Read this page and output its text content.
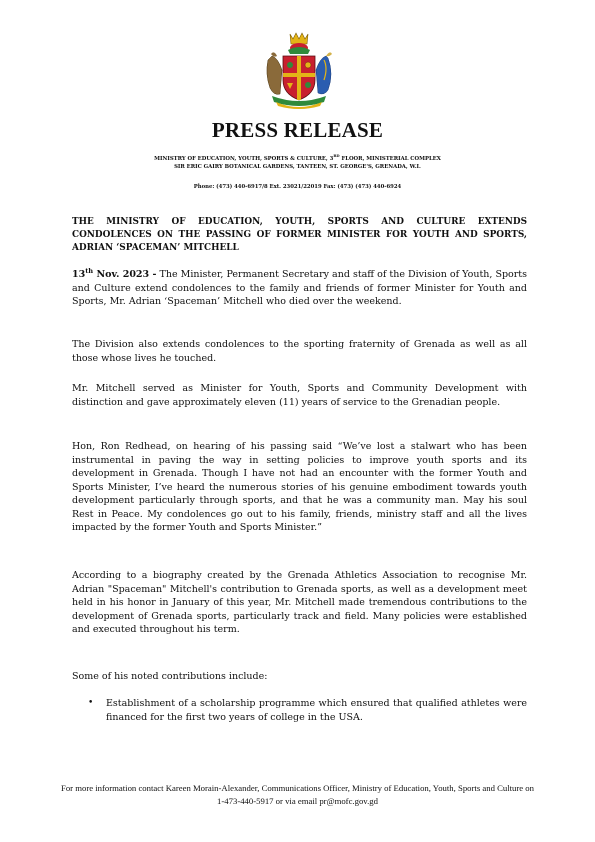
PRESS RELEASE
MINISTRY OF EDUCATION, YOUTH, SPORTS & CULTURE, 3RD FLOOR, MINISTERIAL COMPLEX
SIR ERIC GAIRY BOTANICAL GARDENS, TANTEEN, ST. GEORGE'S, GRENADA, W.I.
Phone: (473) 440-6917/8 Ext. 23021/22019 Fax: (473) (473) 440-6924
THE MINISTRY OF EDUCATION, YOUTH, SPORTS AND CULTURE EXTENDS CONDOLENCES ON THE PASSING OF FORMER MINISTER FOR YOUTH AND SPORTS, ADRIAN ‘SPACEMAN’ MITCHELL

13th Nov. 2023 - The Minister, Permanent Secretary and staff of the Division of Youth, Sports and Culture extend condolences to the family and friends of former Minister for Youth and Sports, Mr. Adrian ‘Spaceman’ Mitchell who died over the weekend.

The Division also extends condolences to the sporting fraternity of Grenada as well as all those whose lives he touched.

Mr. Mitchell served as Minister for Youth, Sports and Community Development with distinction and gave approximately eleven (11) years of service to the Grenadian people.

Hon, Ron Redhead, on hearing of his passing said “We’ve lost a stalwart who has been instrumental in paving the way in setting policies to improve youth sports and its development in Grenada. Though I have not had an encounter with the former Youth and Sports Minister, I’ve heard the numerous stories of his genuine embodiment towards youth development particularly through sports, and that he was a community man. May his soul Rest in Peace. My condolences go out to his family, friends, ministry staff and all the lives impacted by the former Youth and Sports Minister.”

According to a biography created by the Grenada Athletics Association to recognise Mr. Adrian "Spaceman" Mitchell's contribution to Grenada sports, as well as a development meet held in his honor in January of this year, Mr. Mitchell made tremendous contributions to the development of Grenada sports, particularly track and field. Many policies were established and executed throughout his term.

Some of his noted contributions include:

• Establishment of a scholarship programme which ensured that qualified athletes were financed for the first two years of college in the USA.
For more information contact Kareen Morain-Alexander, Communications Officer, Ministry of Education, Youth, Sports and Culture on 1-473-440-5917 or via email pr@mofc.gov.gd
